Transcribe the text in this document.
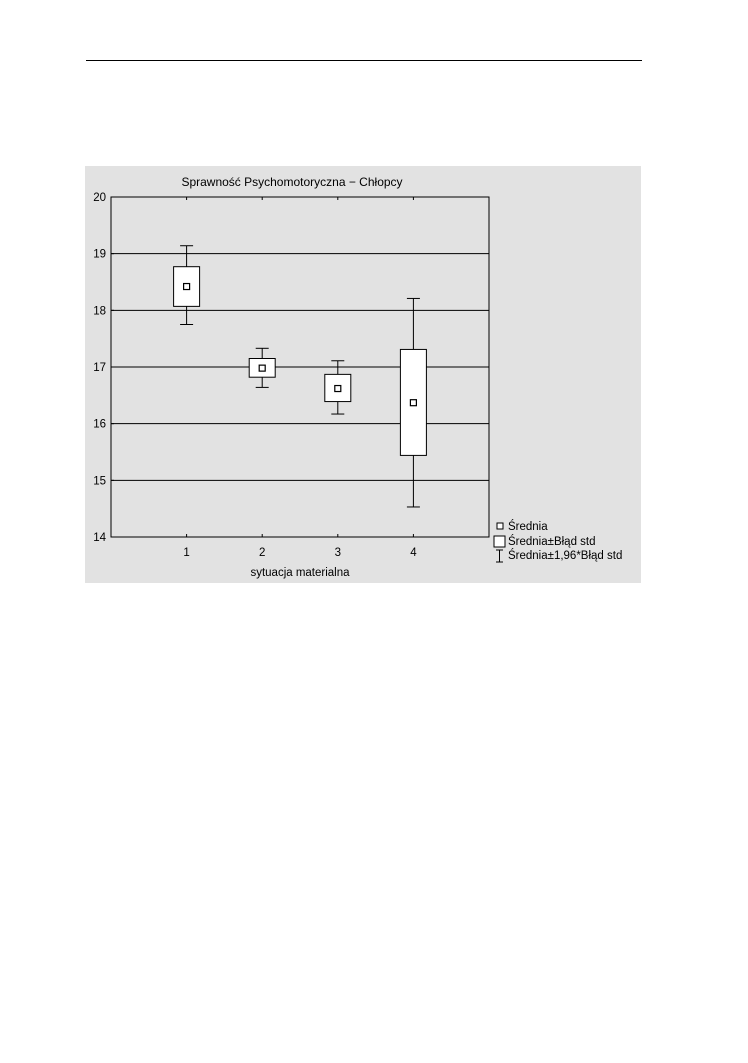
Sprawność Psychomotoryczna − Chłopcy
14
15
16
17
18
19
20
1	2	3	4
sytuacja materialna
Średnia
Średnia±Błąd std
Średnia±1,96*Błąd std
